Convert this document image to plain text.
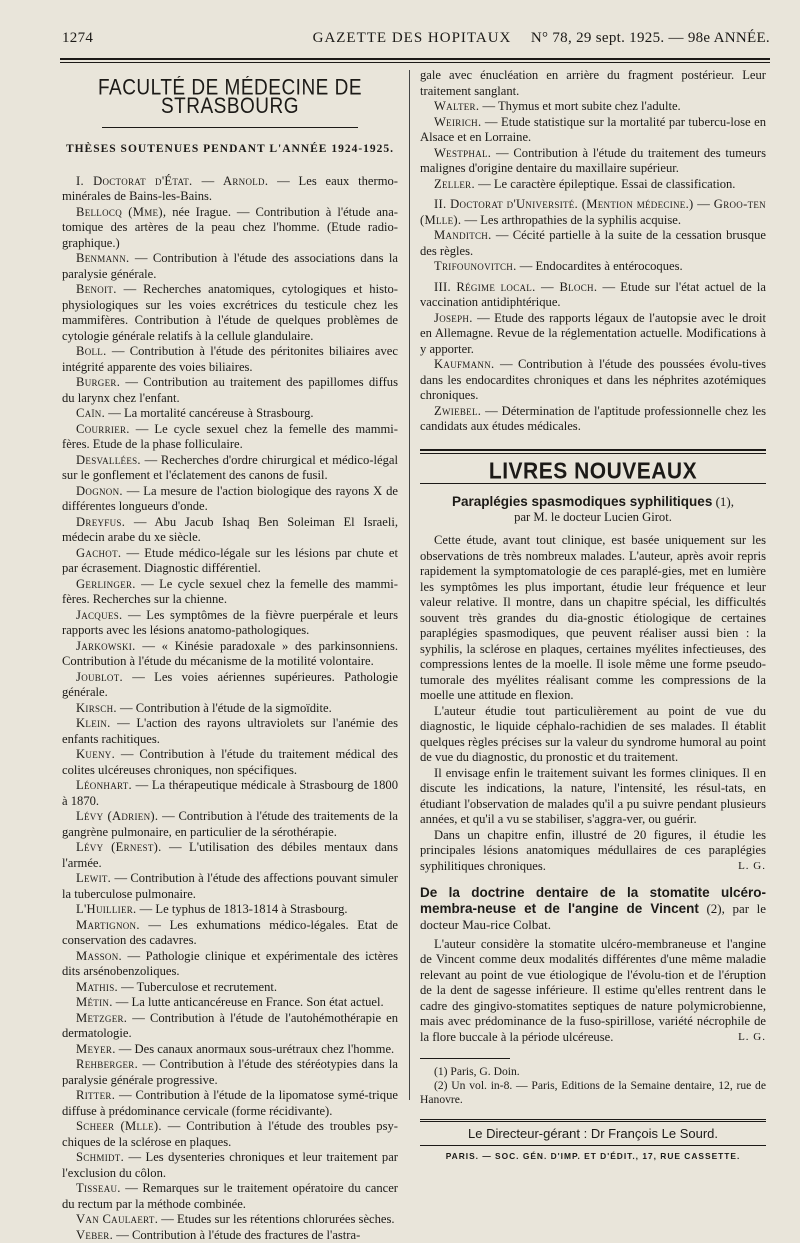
1274	GAZETTE DES HOPITAUX	N° 78, 29 sept. 1925. — 98e ANNÉE.
FACULTÉ DE MÉDECINE DE STRASBOURG
THÈSES SOUTENUES PENDANT L'ANNÉE 1924-1925.

I. Doctorat d'État. — Arnold. — Les eaux thermo-minérales de Bains-les-Bains.

Bellocq (Mme), née Irague. — Contribution à l'étude ana-tomique des artères de la peau chez l'homme. (Etude radio-graphique.)

Benmann. — Contribution à l'étude des associations dans la paralysie générale.

Benoit. — Recherches anatomiques, cytologiques et histo-physiologiques sur les voies excrétrices du testicule chez les mammifères. Contribution à l'étude de quelques problèmes de cytologie générale relatifs à la cellule glandulaire.

Boll. — Contribution à l'étude des péritonites biliaires avec intégrité apparente des voies biliaires.

Burger. — Contribution au traitement des papillomes diffus du larynx chez l'enfant.

Caïn. — La mortalité cancéreuse à Strasbourg.

Courrier. — Le cycle sexuel chez la femelle des mammi-fères. Etude de la phase folliculaire.

Desvallées. — Recherches d'ordre chirurgical et médico-légal sur le gonflement et l'éclatement des canons de fusil.

Dognon. — La mesure de l'action biologique des rayons X de différentes longueurs d'onde.

Dreyfus. — Abu Jacub Ishaq Ben Soleiman El Israeli, médecin arabe du xe siècle.

Gachot. — Etude médico-légale sur les lésions par chute et par écrasement. Diagnostic différentiel.

Gerlinger. — Le cycle sexuel chez la femelle des mammi-fères. Recherches sur la chienne.

Jacques. — Les symptômes de la fièvre puerpérale et leurs rapports avec les lésions anatomo-pathologiques.

Jarkowski. — « Kinésie paradoxale » des parkinsonniens. Contribution à l'étude du mécanisme de la motilité volontaire.

Joublot. — Les voies aériennes supérieures. Pathologie générale.

Kirsch. — Contribution à l'étude de la sigmoïdite.

Klein. — L'action des rayons ultraviolets sur l'anémie des enfants rachitiques.

Kueny. — Contribution à l'étude du traitement médical des colites ulcéreuses chroniques, non spécifiques.

Léonhart. — La thérapeutique médicale à Strasbourg de 1800 à 1870.

Lévy (Adrien). — Contribution à l'étude des traitements de la gangrène pulmonaire, en particulier de la sérothérapie.

Lévy (Ernest). — L'utilisation des débiles mentaux dans l'armée.

Lewit. — Contribution à l'étude des affections pouvant simuler la tuberculose pulmonaire.

L'Huillier. — Le typhus de 1813-1814 à Strasbourg.

Martignon. — Les exhumations médico-légales. Etat de conservation des cadavres.

Masson. — Pathologie clinique et expérimentale des ictères dits arsénobenzoliques.

Mathis. — Tuberculose et recrutement.

Métin. — La lutte anticancéreuse en France. Son état actuel.

Metzger. — Contribution à l'étude de l'autohémothérapie en dermatologie.

Meyer. — Des canaux anormaux sous-urétraux chez l'homme.

Rehberger. — Contribution à l'étude des stéréotypies dans la paralysie générale progressive.

Ritter. — Contribution à l'étude de la lipomatose symé-trique diffuse à prédominance cervicale (forme récidivante).

Scheer (Mlle). — Contribution à l'étude des troubles psy-chiques de la sclérose en plaques.

Schmidt. — Les dysenteries chroniques et leur traitement par l'exclusion du côlon.

Tisseau. — Remarques sur le traitement opératoire du cancer du rectum par la méthode combinée.

Van Caulaert. — Etudes sur les rétentions chlorurées sèches.

Veber. — Contribution à l'étude des fractures de l'astra-

gale avec énucléation en arrière du fragment postérieur. Leur traitement sanglant.

Walter. — Thymus et mort subite chez l'adulte.

Weirich. — Etude statistique sur la mortalité par tubercu-lose en Alsace et en Lorraine.

Westphal. — Contribution à l'étude du traitement des tumeurs malignes d'origine dentaire du maxillaire supérieur.

Zeller. — Le caractère épileptique. Essai de classification.

II. Doctorat d'Université. (Mention médecine.) — Groo-ten (Mlle). — Les arthropathies de la syphilis acquise.

Manditch. — Cécité partielle à la suite de la cessation brusque des règles.

Trifounovitch. — Endocardites à entérocoques.

III. Régime local. — Bloch. — Etude sur l'état actuel de la vaccination antidiphtérique.

Joseph. — Etude des rapports légaux de l'autopsie avec le droit en Allemagne. Revue de la réglementation actuelle. Modifications à y apporter.

Kaufmann. — Contribution à l'étude des poussées évolu-tives dans les endocardites chroniques et dans les néphrites azotémiques chroniques.

Zwiebel. — Détermination de l'aptitude professionnelle chez les candidats aux études médicales.

LIVRES NOUVEAUX
Paraplégies spasmodiques syphilitiques (1),
par M. le docteur Lucien Girot.

Cette étude, avant tout clinique, est basée uniquement sur les observations de très nombreux malades. L'auteur, après avoir repris rapidement la symptomatologie de ces paraplé-gies, met en lumière les symptômes les plus important, étudie leur fréquence et leur valeur relative. Il montre, dans un chapitre spécial, les difficultés souvent très grandes du dia-gnostic étiologique de certaines paraplégies spasmodiques, que peuvent réaliser aussi bien : la syphilis, la sclérose en plaques, certaines myélites infectieuses, des compressions lentes de la moelle. Il isole même une forme pseudo-tumorale des myélites réalisant comme les compressions de la moelle une attitude en flexion.

L'auteur étudie tout particulièrement au point de vue du diagnostic, le liquide céphalo-rachidien de ses malades. Il établit quelques règles précises sur la valeur du syndrome humoral au point de vue du diagnostic, du pronostic et du traitement.

Il envisage enfin le traitement suivant les formes cliniques. Il en discute les indications, la nature, l'intensité, les résul-tats, en étudiant l'observation de malades qu'il a pu suivre pendant plusieurs années, et qu'il a vu se stabiliser, s'aggra-ver, ou guérir.

Dans un chapitre enfin, illustré de 20 figures, il étudie les principales lésions anatomiques médullaires de ces paraplégies syphilitiques chroniques.	L. G.

De la doctrine dentaire de la stomatite ulcéro-membra-neuse et de l'angine de Vincent (2), par le docteur Mau-rice Colbat.

L'auteur considère la stomatite ulcéro-membraneuse et l'angine de Vincent comme deux modalités différentes d'une même maladie relevant au point de vue étiologique de l'évolu-tion et de l'éruption de la dent de sagesse inférieure. Il estime qu'elles rentrent dans le cadre des gingivo-stomatites septiques de nature polymicrobienne, mais avec prédominance de la fuso-spirillose, variété nécrophile de la flore buccale à la période ulcéreuse.	L. G.

(1) Paris, G. Doin.

(2) Un vol. in-8. — Paris, Editions de la Semaine dentaire, 12, rue de Hanovre.

Le Directeur-gérant : Dr François Le Sourd.
PARIS. — SOC. GÉN. D'IMP. ET D'ÉDIT., 17, RUE CASSETTE.
